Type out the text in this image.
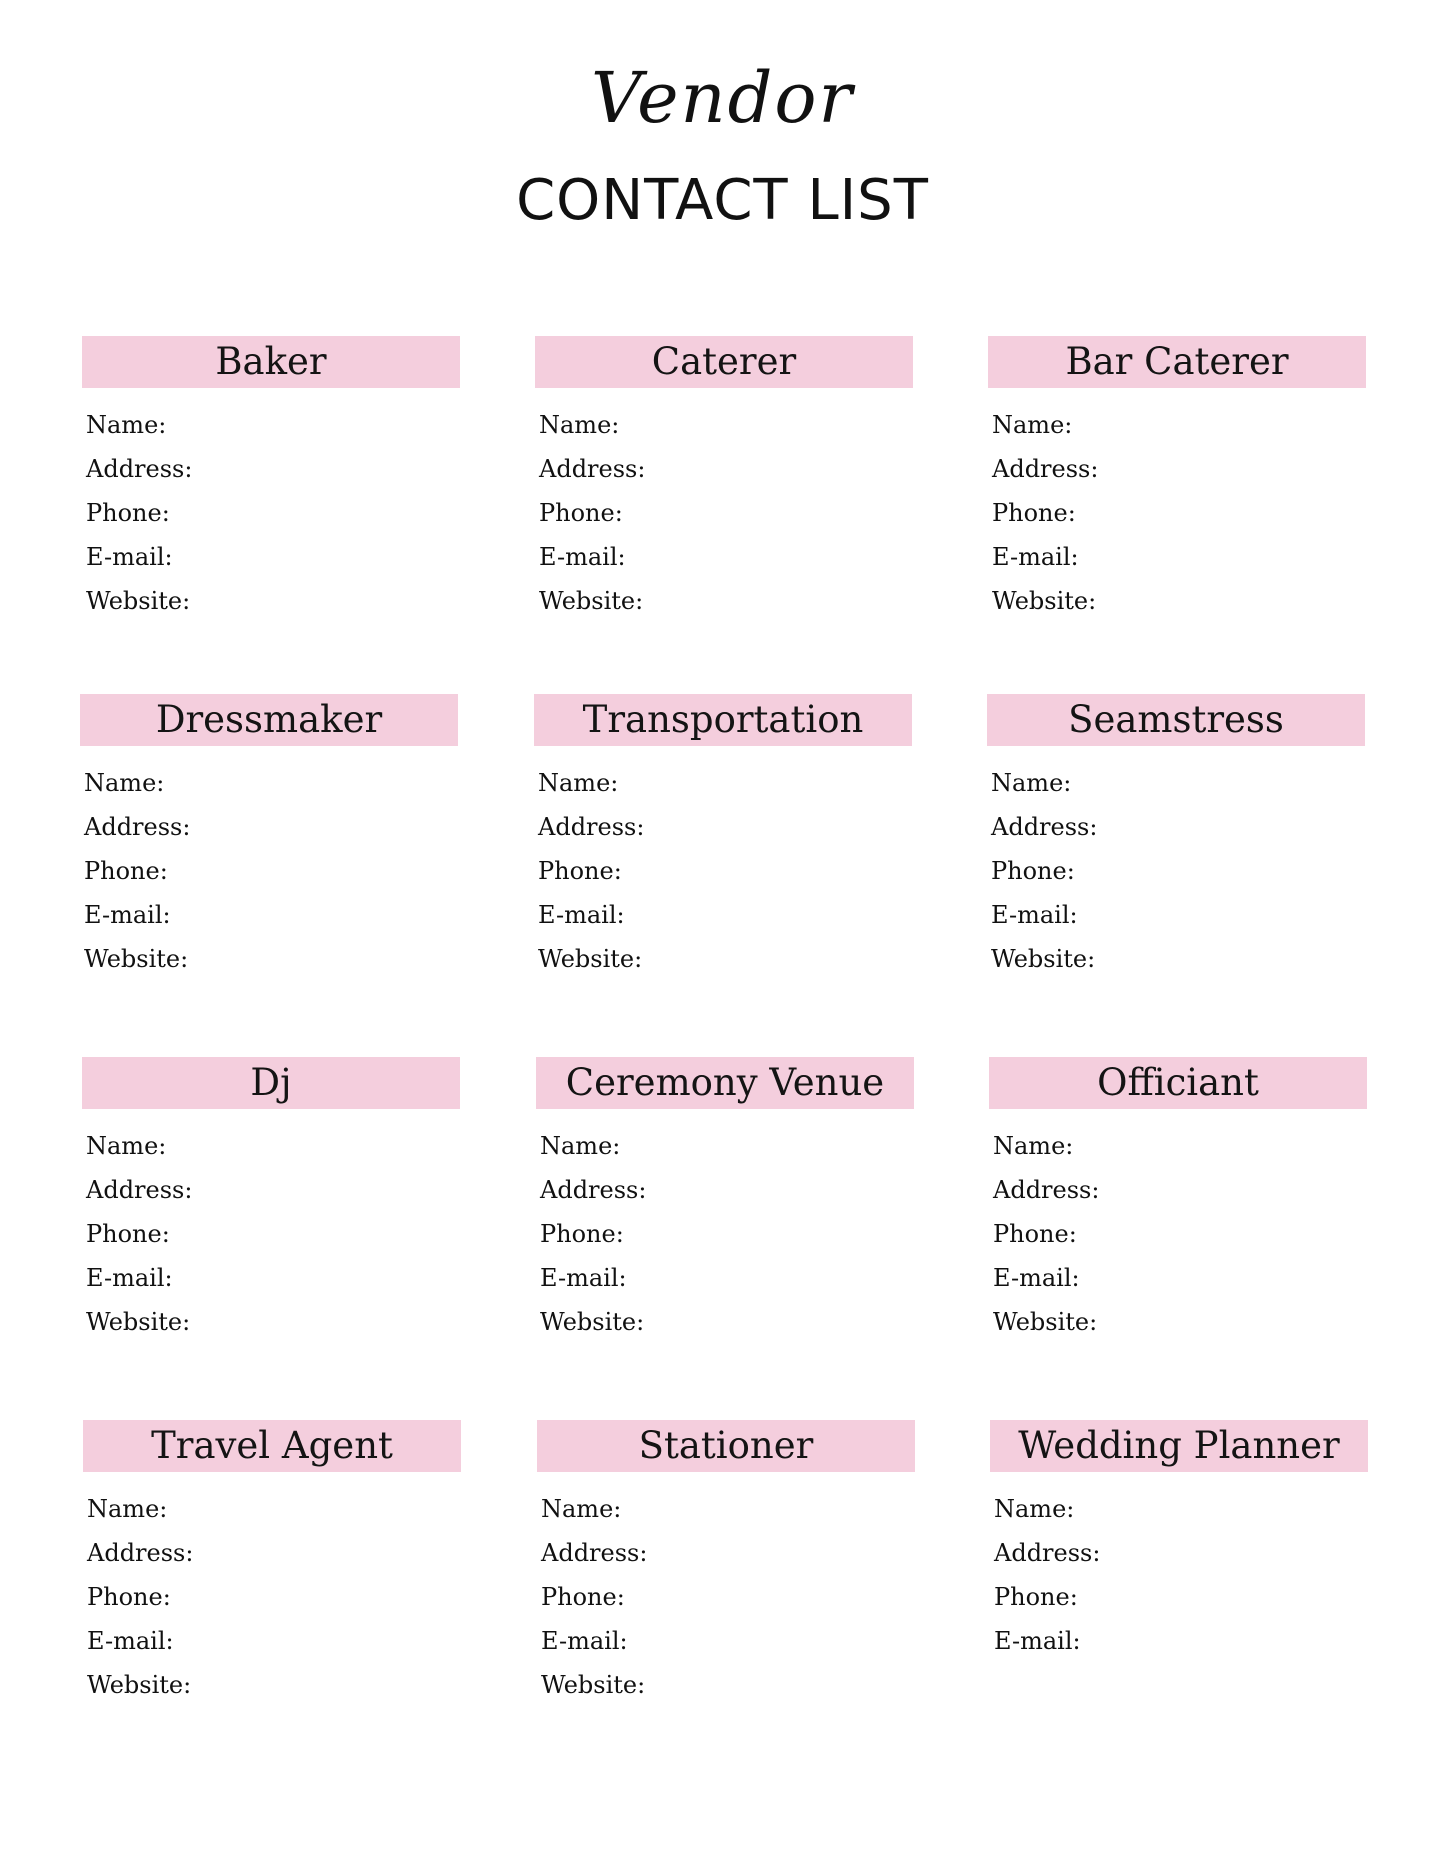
Vendor
CONTACT LIST
Baker
Name:
Address:
Phone:
E-mail:
Website:
Caterer
Name:
Address:
Phone:
E-mail:
Website:
Bar Caterer
Name:
Address:
Phone:
E-mail:
Website:
Dressmaker
Name:
Address:
Phone:
E-mail:
Website:
Transportation
Name:
Address:
Phone:
E-mail:
Website:
Seamstress
Name:
Address:
Phone:
E-mail:
Website:
Dj
Name:
Address:
Phone:
E-mail:
Website:
Ceremony Venue
Name:
Address:
Phone:
E-mail:
Website:
Officiant
Name:
Address:
Phone:
E-mail:
Website:
Travel Agent
Name:
Address:
Phone:
E-mail:
Website:
Stationer
Name:
Address:
Phone:
E-mail:
Website:
Wedding Planner
Name:
Address:
Phone:
E-mail:
